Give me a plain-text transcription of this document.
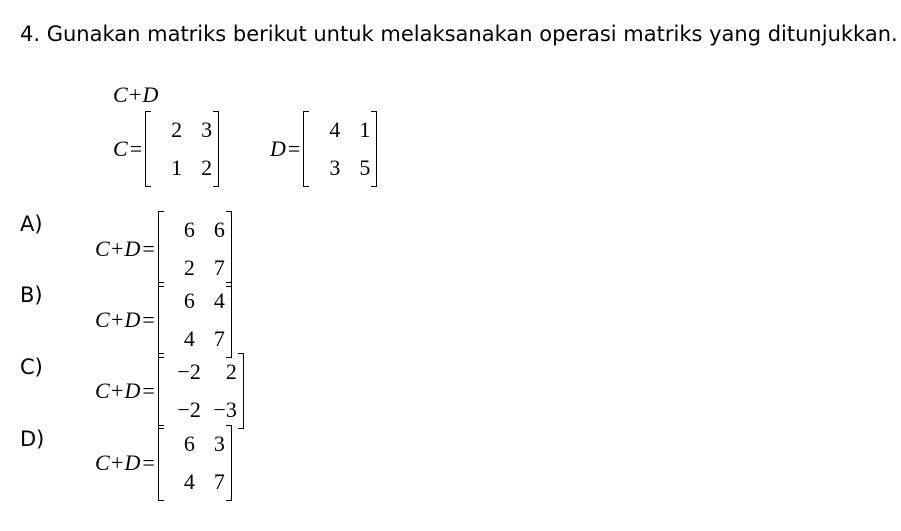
4. Gunakan matriks berikut untuk melaksanakan operasi matriks yang ditunjukkan.
C+D
C =
2 3
1 2
D =
4 1
3 5
A)
C+D =
6 6
2 7
B)
C+D =
6 4
4 7
C)
C+D =
−2	2
−2 −3
D)
C+D =
6 3
4 7
